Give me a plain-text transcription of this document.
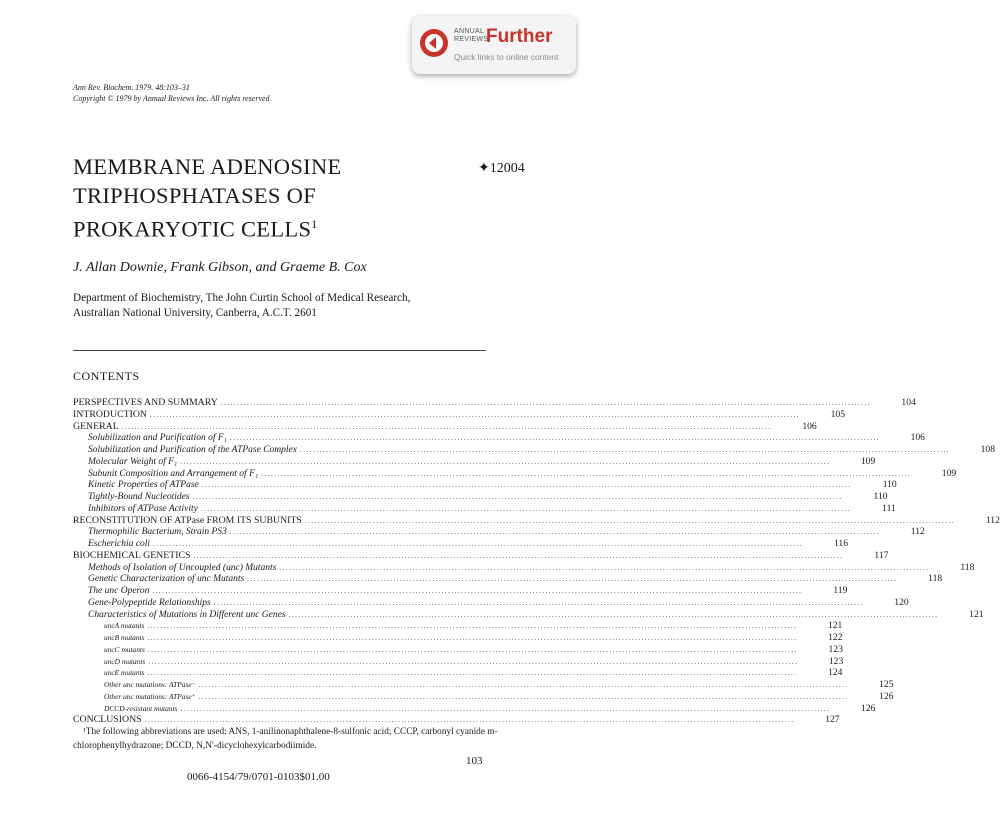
ANNUAL
REVIEWS
Further
Quick links to online content
Ann Rev. Biochem. 1979. 48:103–31
Copyright © 1979 by Annual Reviews Inc. All rights reserved
MEMBRANE ADENOSINE
TRIPHOSPHATASES OF
PROKARYOTIC CELLS$^1$
✦12004
J. Allan Downie, Frank Gibson, and Graeme B. Cox
Department of Biochemistry, The John Curtin School of Medical Research,
Australian National University, Canberra, A.C.T. 2601
CONTENTS
PERSPECTIVES AND SUMMARY ........................................................................................................................................................................................................	104
INTRODUCTION ........................................................................................................................................................................................................	105
GENERAL ........................................................................................................................................................................................................	106
Solubilization and Purification of F₁ ........................................................................................................................................................................................................	106
Solubilization and Purification of the ATPase Complex ........................................................................................................................................................................................................	108
Molecular Weight of F₁ ........................................................................................................................................................................................................	109
Subunit Composition and Arrangement of F₁ ........................................................................................................................................................................................................	109
Kinetic Properties of ATPase ........................................................................................................................................................................................................	110
Tightly-Bound Nucleotides ........................................................................................................................................................................................................	110
Inhibitors of ATPase Activity ........................................................................................................................................................................................................	111
RECONSTITUTION OF ATPase FROM ITS SUBUNITS ........................................................................................................................................................................................................	112
Thermophilic Bacterium, Strain PS3 ........................................................................................................................................................................................................	112
Escherichia coli ........................................................................................................................................................................................................	116
BIOCHEMICAL GENETICS ........................................................................................................................................................................................................	117
Methods of Isolation of Uncoupled (unc) Mutants ........................................................................................................................................................................................................	118
Genetic Characterization of unc Mutants ........................................................................................................................................................................................................	118
The unc Operon ........................................................................................................................................................................................................	119
Gene-Polypeptide Relationships ........................................................................................................................................................................................................	120
Characteristics of Mutations in Different unc Genes ........................................................................................................................................................................................................	121
uncA mutants ........................................................................................................................................................................................................	121
uncB mutants ........................................................................................................................................................................................................	122
uncC mutants ........................................................................................................................................................................................................	123
uncD mutants ........................................................................................................................................................................................................	123
uncE mutants ........................................................................................................................................................................................................	124
Other unc mutations: ATPase⁻ ........................................................................................................................................................................................................	125
Other unc mutations: ATPase⁺ ........................................................................................................................................................................................................	126
DCCD-resistant mutants ........................................................................................................................................................................................................	126
CONCLUSIONS ........................................................................................................................................................................................................	127
¹The following abbreviations are used: ANS, 1-anilinonaphthalene-8-sulfonic acid; CCCP, carbonyl cyanide m-chlorophenylhydrazone; DCCD, N,N′-dicyclohexylcarbodiimide.
103
0066-4154/79/0701-0103$01.00
